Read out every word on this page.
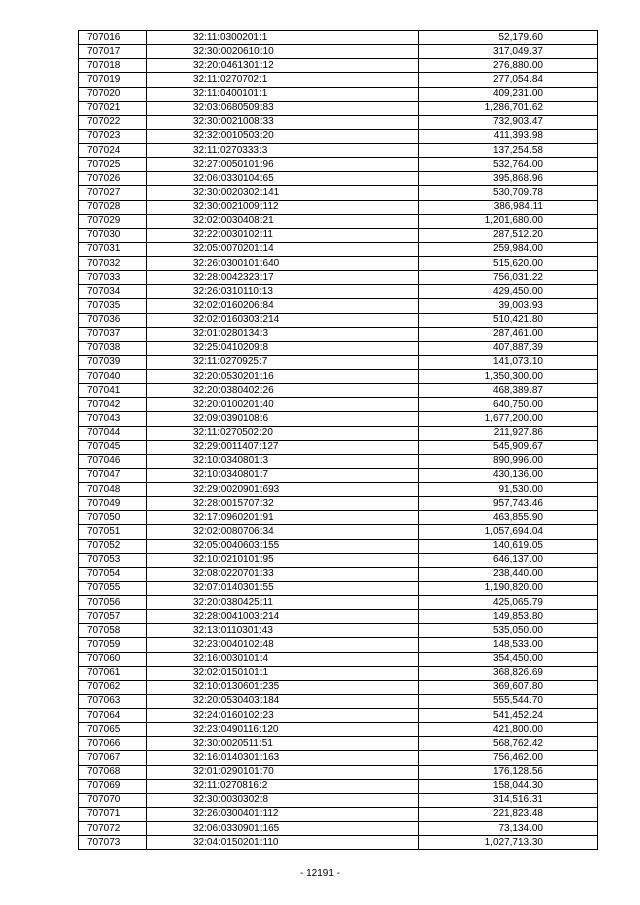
707016	32:11:0300201:1	52,179.60
707017	32:30:0020610:10	317,049.37
707018	32:20:0461301:12	276,880.00
707019	32:11:0270702:1	277,054.84
707020	32:11:0400101:1	409,231.00
707021	32:03:0680509:83	1,286,701.62
707022	32:30:0021008:33	732,903.47
707023	32:32:0010503:20	411,393.98
707024	32:11:0270333:3	137,254.58
707025	32:27:0050101:96	532,764.00
707026	32:06:0330104:65	395,868.96
707027	32:30:0020302:141	530,709.78
707028	32:30:0021009:112	386,984.11
707029	32:02:0030408:21	1,201,680.00
707030	32:22:0030102:11	287,512.20
707031	32:05:0070201:14	259,984.00
707032	32:26:0300101:640	515,620.00
707033	32:28:0042323:17	756,031.22
707034	32:26:0310110:13	429,450.00
707035	32:02:0160206:84	39,003.93
707036	32:02:0160303:214	510,421.80
707037	32:01:0280134:3	287,461.00
707038	32:25:0410209:8	407,887.39
707039	32:11:0270925:7	141,073.10
707040	32:20:0530201:16	1,350,300.00
707041	32:20:0380402:26	468,389.87
707042	32:20:0100201:40	640,750.00
707043	32:09:0390108:6	1,677,200.00
707044	32:11:0270502:20	211,927.86
707045	32:29:0011407:127	545,909.67
707046	32:10:0340801:3	890,996.00
707047	32:10:0340801:7	430,136.00
707048	32:29:0020901:693	91,530.00
707049	32:28:0015707:32	957,743.46
707050	32:17:0960201:91	463,855.90
707051	32:02:0080706:34	1,057,694.04
707052	32:05:0040603:155	140,619.05
707053	32:10:0210101:95	646,137.00
707054	32:08:0220701:33	238,440.00
707055	32:07:0140301:55	1,190,820.00
707056	32:20:0380425:11	425,065.79
707057	32:28:0041003:214	149,853.80
707058	32:13:0110301:43	535,050.00
707059	32:23:0040102:48	148,533.00
707060	32:16:0030101:4	354,450.00
707061	32:02:0150101:1	368,826.69
707062	32:10:0130601:235	369,607.80
707063	32:20:0530403:184	555,544.70
707064	32:24:0160102:23	541,452.24
707065	32:23:0490116:120	421,800.00
707066	32:30:0020511:51	568,762.42
707067	32:16:0140301:163	756,462.00
707068	32:01:0290101:70	176,128.56
707069	32:11:0270816:2	158,044.30
707070	32:30:0030302:8	314,516.31
707071	32:26:0300401:112	221,823.48
707072	32:06:0330901:165	73,134.00
707073	32:04:0150201:110	1,027,713.30
- 12191 -
